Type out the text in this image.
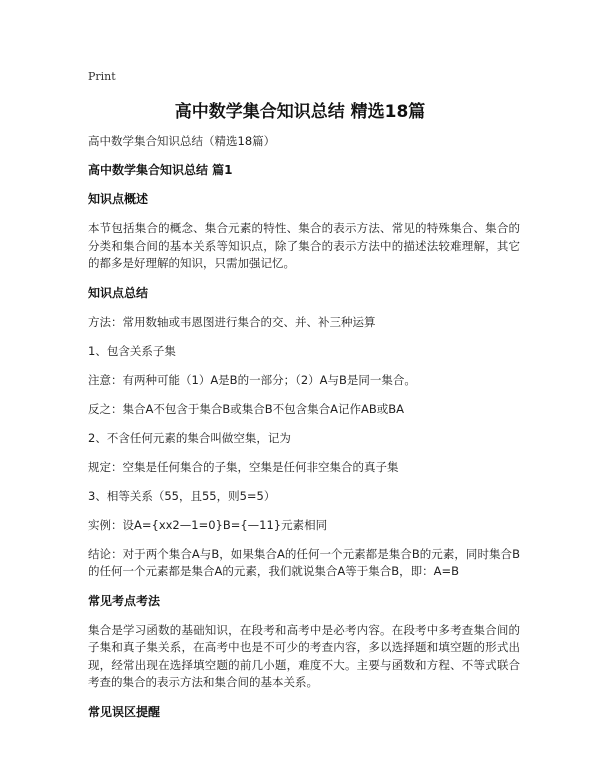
Print
高中数学集合知识总结 精选18篇

高中数学集合知识总结（精选18篇）

高中数学集合知识总结 篇1

知识点概述

本节包括集合的概念、集合元素的特性、集合的表示方法、常见的特殊集合、集合的分类和集合间的基本关系等知识点，除了集合的表示方法中的描述法较难理解，其它的都多是好理解的知识，只需加强记忆。

知识点总结

方法：常用数轴或韦恩图进行集合的交、并、补三种运算

1、包含关系子集

注意：有两种可能（1）A是B的一部分；（2）A与B是同一集合。

反之：集合A不包含于集合B或集合B不包含集合A记作AB或BA

2、不含任何元素的集合叫做空集，记为

规定：空集是任何集合的子集，空集是任何非空集合的真子集

3、相等关系（55，且55，则5=5）

实例：设A={xx2—1=0}B={—11}元素相同

结论：对于两个集合A与B，如果集合A的任何一个元素都是集合B的元素，同时集合B的任何一个元素都是集合A的元素，我们就说集合A等于集合B，即：A=B

常见考点考法

集合是学习函数的基础知识，在段考和高考中是必考内容。在段考中多考查集合间的子集和真子集关系，在高考中也是不可少的考查内容，多以选择题和填空题的形式出现，经常出现在选择填空题的前几小题，难度不大。主要与函数和方程、不等式联合考查的集合的表示方法和集合间的基本关系。

常见误区提醒
